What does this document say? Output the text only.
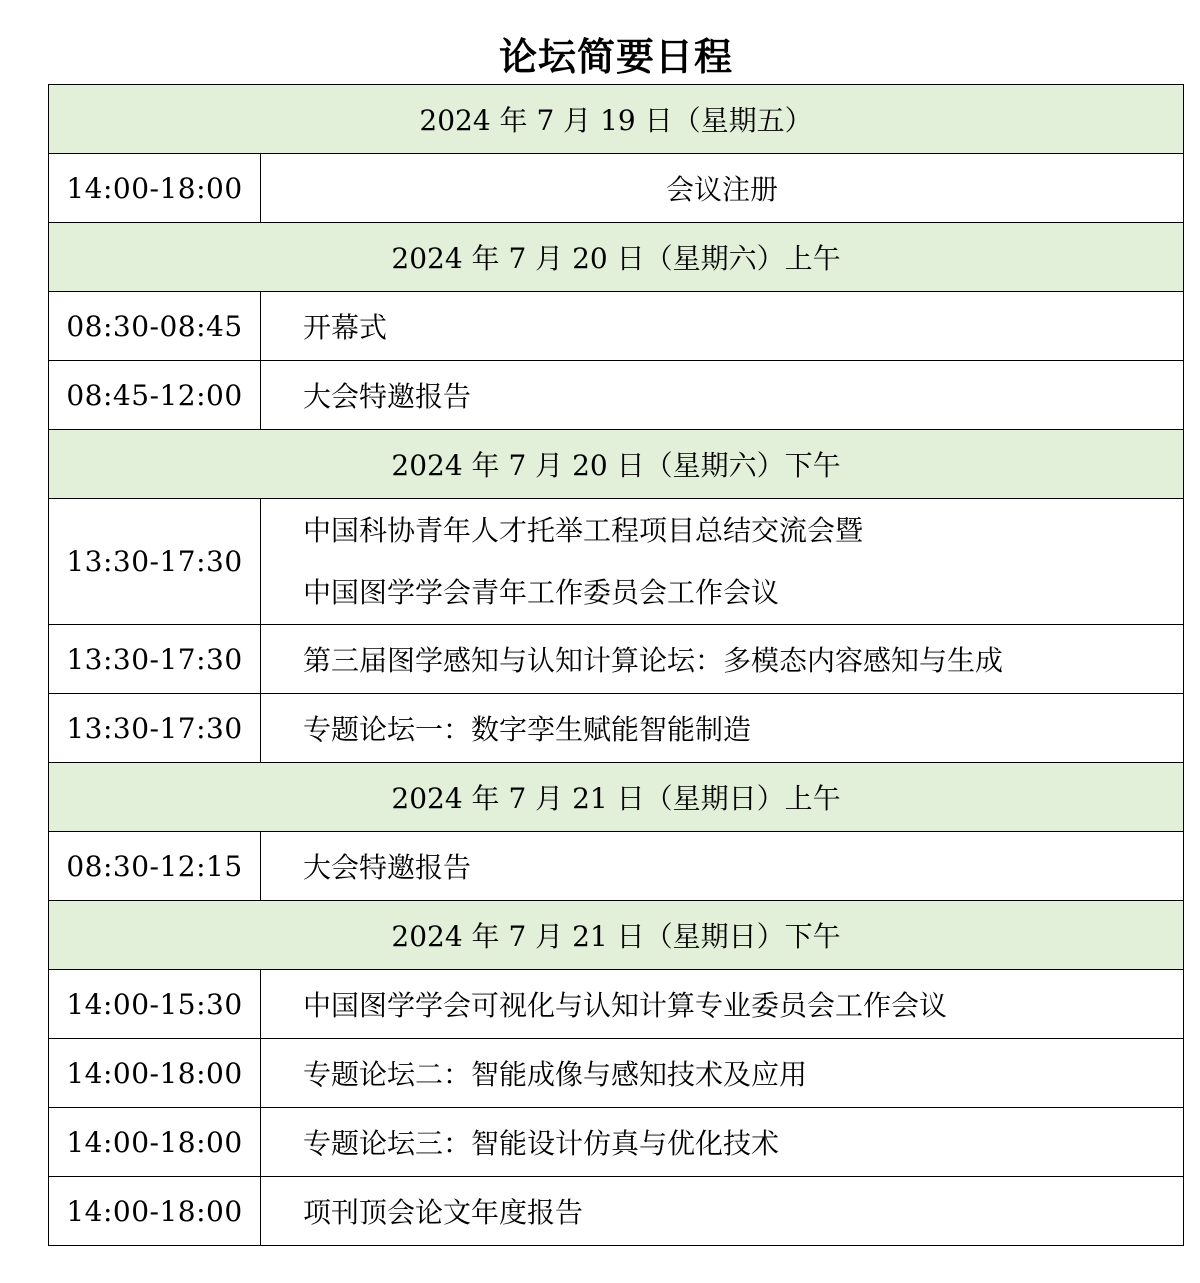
论坛简要日程
2024 年 7 月 19 日（星期五）	
14:00-18:00	会议注册
2024 年 7 月 20 日（星期六）上午	
08:30-08:45	开幕式
08:45-12:00	大会特邀报告
2024 年 7 月 20 日（星期六）下午	
13:30-17:30	中国科协青年人才托举工程项目总结交流会暨
中国图学学会青年工作委员会工作会议

13:30-17:30	第三届图学感知与认知计算论坛：多模态内容感知与生成
13:30-17:30	专题论坛一：数字孪生赋能智能制造
2024 年 7 月 21 日（星期日）上午	
08:30-12:15	大会特邀报告
2024 年 7 月 21 日（星期日）下午	
14:00-15:30	中国图学学会可视化与认知计算专业委员会工作会议
14:00-18:00	专题论坛二：智能成像与感知技术及应用
14:00-18:00	专题论坛三：智能设计仿真与优化技术
14:00-18:00	项刊顶会论文年度报告
